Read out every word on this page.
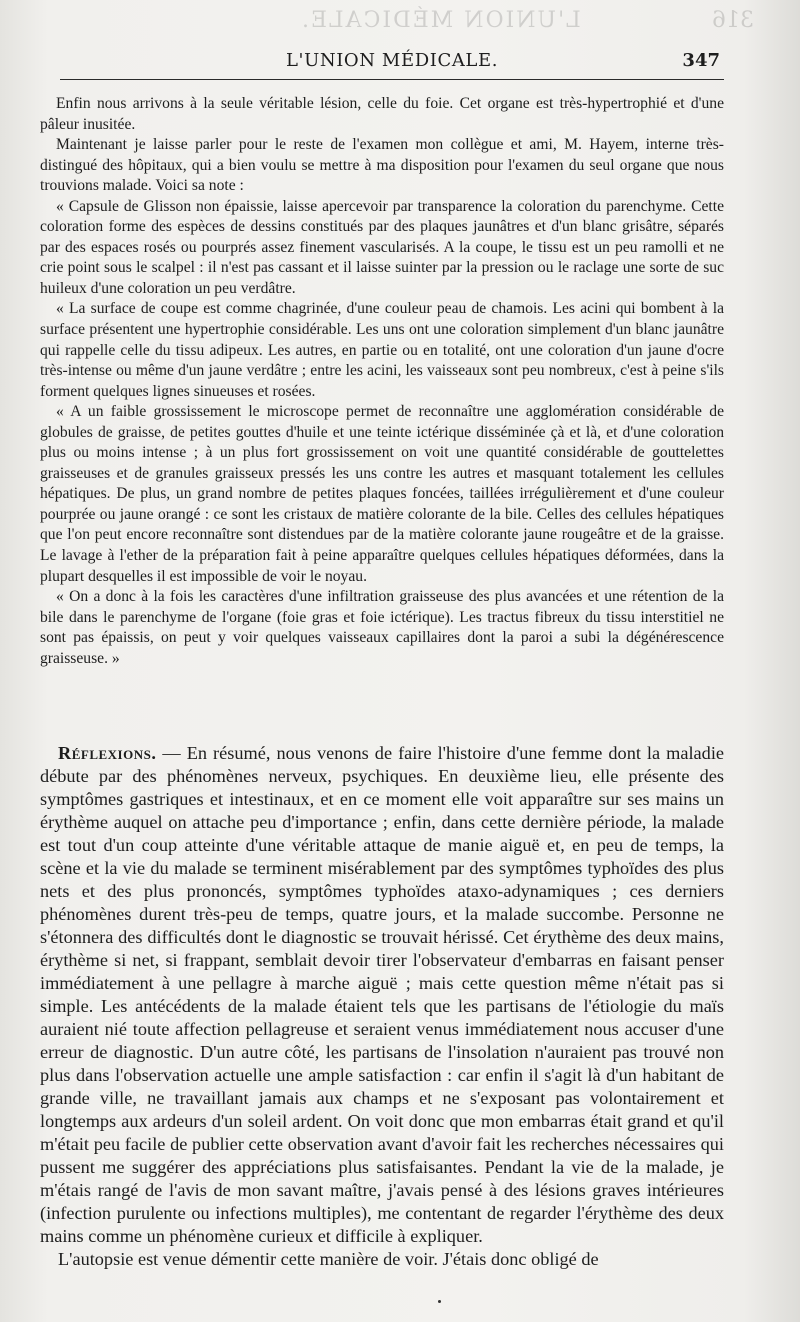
L'UNION MÉDICALE.	316
L'UNION MÉDICALE.	347

Enfin nous arrivons à la seule véritable lésion, celle du foie. Cet organe est très-hypertrophié et d'une pâleur inusitée.

Maintenant je laisse parler pour le reste de l'examen mon collègue et ami, M. Hayem, interne très-distingué des hôpitaux, qui a bien voulu se mettre à ma disposition pour l'examen du seul organe que nous trouvions malade. Voici sa note :

« Capsule de Glisson non épaissie, laisse apercevoir par transparence la coloration du parenchyme. Cette coloration forme des espèces de dessins constitués par des plaques jaunâtres et d'un blanc grisâtre, séparés par des espaces rosés ou pourprés assez finement vascularisés. A la coupe, le tissu est un peu ramolli et ne crie point sous le scalpel : il n'est pas cassant et il laisse suinter par la pression ou le raclage une sorte de suc huileux d'une coloration un peu verdâtre.

« La surface de coupe est comme chagrinée, d'une couleur peau de chamois. Les acini qui bombent à la surface présentent une hypertrophie considérable. Les uns ont une coloration simplement d'un blanc jaunâtre qui rappelle celle du tissu adipeux. Les autres, en partie ou en totalité, ont une coloration d'un jaune d'ocre très-intense ou même d'un jaune verdâtre ; entre les acini, les vaisseaux sont peu nombreux, c'est à peine s'ils forment quelques lignes sinueuses et rosées.

« A un faible grossissement le microscope permet de reconnaître une agglomération considérable de globules de graisse, de petites gouttes d'huile et une teinte ictérique disséminée çà et là, et d'une coloration plus ou moins intense ; à un plus fort grossissement on voit une quantité considérable de gouttelettes graisseuses et de granules graisseux pressés les uns contre les autres et masquant totalement les cellules hépatiques. De plus, un grand nombre de petites plaques foncées, taillées irrégulièrement et d'une couleur pourprée ou jaune orangé : ce sont les cristaux de matière colorante de la bile. Celles des cellules hépatiques que l'on peut encore reconnaître sont distendues par de la matière colorante jaune rougeâtre et de la graisse. Le lavage à l'ether de la préparation fait à peine apparaître quelques cellules hépatiques déformées, dans la plupart desquelles il est impossible de voir le noyau.

« On a donc à la fois les caractères d'une infiltration graisseuse des plus avancées et une rétention de la bile dans le parenchyme de l'organe (foie gras et foie ictérique). Les tractus fibreux du tissu interstitiel ne sont pas épaissis, on peut y voir quelques vaisseaux capillaires dont la paroi a subi la dégénérescence graisseuse. »

Réflexions. — En résumé, nous venons de faire l'histoire d'une femme dont la maladie débute par des phénomènes nerveux, psychiques. En deuxième lieu, elle présente des symptômes gastriques et intestinaux, et en ce moment elle voit apparaître sur ses mains un érythème auquel on attache peu d'importance ; enfin, dans cette dernière période, la malade est tout d'un coup atteinte d'une véritable attaque de manie aiguë et, en peu de temps, la scène et la vie du malade se terminent misérablement par des symptômes typhoïdes des plus nets et des plus prononcés, symptômes typhoïdes ataxo-adynamiques ; ces derniers phénomènes durent très-peu de temps, quatre jours, et la malade succombe. Personne ne s'étonnera des difficultés dont le diagnostic se trouvait hérissé. Cet érythème des deux mains, érythème si net, si frappant, semblait devoir tirer l'observateur d'embarras en faisant penser immédiatement à une pellagre à marche aiguë ; mais cette question même n'était pas si simple. Les antécédents de la malade étaient tels que les partisans de l'étiologie du maïs auraient nié toute affection pellagreuse et seraient venus immédiatement nous accuser d'une erreur de diagnostic. D'un autre côté, les partisans de l'insolation n'auraient pas trouvé non plus dans l'observation actuelle une ample satisfaction : car enfin il s'agit là d'un habitant de grande ville, ne travaillant jamais aux champs et ne s'exposant pas volontairement et longtemps aux ardeurs d'un soleil ardent. On voit donc que mon embarras était grand et qu'il m'était peu facile de publier cette observation avant d'avoir fait les recherches nécessaires qui pussent me suggérer des appréciations plus satisfaisantes. Pendant la vie de la malade, je m'étais rangé de l'avis de mon savant maître, j'avais pensé à des lésions graves intérieures (infection purulente ou infections multiples), me contentant de regarder l'érythème des deux mains comme un phénomène curieux et difficile à expliquer.

L'autopsie est venue démentir cette manière de voir. J'étais donc obligé de
